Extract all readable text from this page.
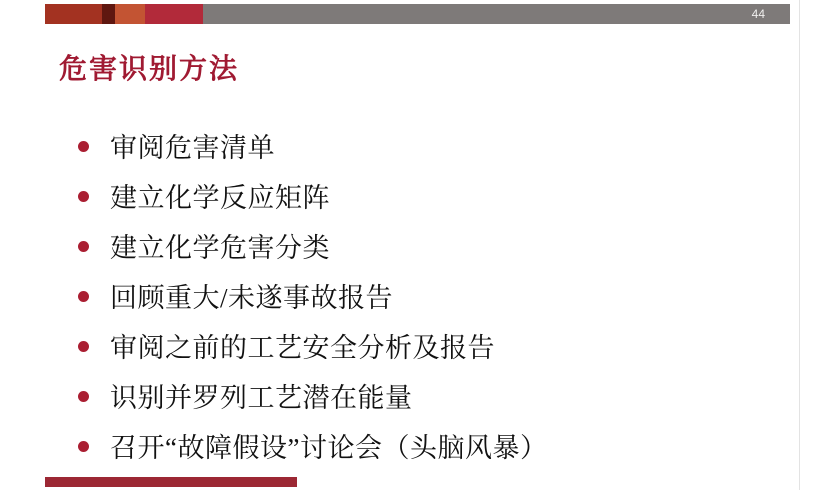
44
危害识别方法
审阅危害清单
建立化学反应矩阵
建立化学危害分类
回顾重大/未遂事故报告
审阅之前的工艺安全分析及报告
识别并罗列工艺潜在能量
召开“故障假设”讨论会（头脑风暴）
